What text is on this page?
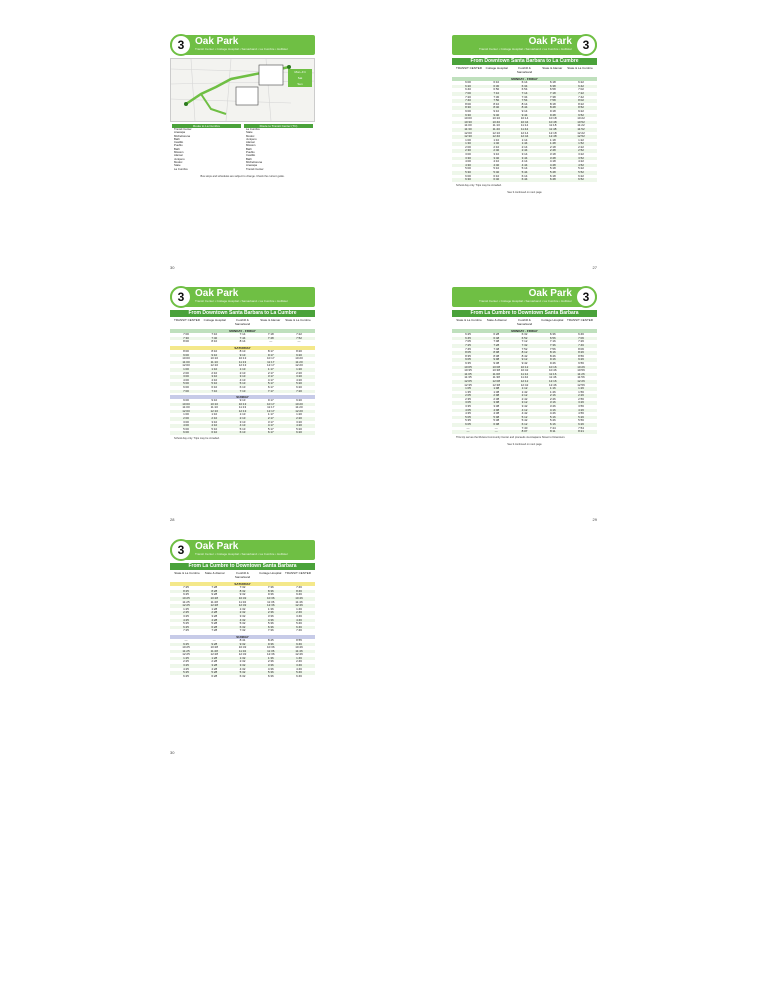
3	Oak Park
Transit Center • Cottage Hospital • Samarkand • La Cumbre • Hollister
Mon–Fri
Sat
Sun
Route to La Cumbre
Transit Center
Anacapa
Micheltorena
Bath
Castillo
Pueblo
Bath
Mission
Alamar
Junipero
Modoc
State
La Cumbre
Route to Transit Center (TC)
La Cumbre
State
Modoc
Junipero
Alamar
Mission
Bath
Pueblo
Castillo
Bath
Micheltorena
Anacapa
Transit Center
Bus stops and schedules are subject to change. Check the current guide.
30
3
Oak Park
Transit Center • Cottage Hospital • Samarkand • La Cumbre • Hollister
From Downtown Santa Barbara to La Cumbre
TRANSIT CENTER	Cottage Hospital	Foothill & Samarkand
State & Alamar	State & La Cumbre
MONDAY - FRIDAY
6:00	6:10	6:14	6:18	6:22
6:20	6:30	6:34	6:38	6:42
6:40	6:50	6:54	6:58	7:02
7:00	7:10	7:14	7:18	7:22
7:20	7:30	7:34	7:38	7:42
7:40	7:50	7:54	7:58	8:02
8:00	8:10	8:14	8:18	8:22
8:30	8:40	8:44	8:48	8:52
9:00	9:10	9:14	9:18	9:22
9:30	9:40	9:44	9:48	9:52
10:00	10:10	10:14	10:18	10:22
10:30	10:40	10:44	10:48	10:52
11:00	11:10	11:14	11:18	11:22
11:30	11:40	11:44	11:48	11:52
12:00	12:10	12:14	12:18	12:22
12:30	12:40	12:44	12:48	12:52
1:00	1:10	1:14	1:18	1:22
1:30	1:40	1:44	1:48	1:52
2:00	2:10	2:14	2:18	2:22
2:30	2:40	2:44	2:48	2:52
3:00	3:10	3:14	3:18	3:22
3:30	3:40	3:44	3:48	3:52
4:00	4:10	4:14	4:18	4:22
4:30	4:40	4:44	4:48	4:52
5:00	5:10	5:14	5:18	5:22
5:30	5:40	5:44	5:48	5:52
6:00	6:10	6:14	6:18	6:22
6:30	6:40	6:44	6:48	6:52
School day only. Trips may be crowded.
See 3 continued on next page
27
3	Oak Park
Transit Center • Cottage Hospital • Samarkand • La Cumbre • Hollister
From Downtown Santa Barbara to La Cumbre
TRANSIT CENTER	Cottage Hospital	Foothill & Samarkand
State & Alamar	State & La Cumbre
MONDAY - FRIDAY
7:00	7:10	7:14	7:18	7:22
7:30	7:40	7:44	7:48	7:52
8:00	8:10	8:14	—	—
SATURDAY
8:00	8:10	8:13	8:17	8:20
9:00	9:10	9:13	9:17	9:20
10:00	10:10	10:13	10:17	10:20
11:00	11:10	11:13	11:17	11:20
12:00	12:10	12:13	12:17	12:20
1:00	1:10	1:13	1:17	1:20
2:00	2:10	2:13	2:17	2:20
3:00	3:10	3:13	3:17	3:20
4:00	4:10	4:13	4:17	4:20
5:00	5:10	5:13	5:17	5:20
6:00	6:10	6:13	6:17	6:20
7:00	7:10	7:13	7:17	7:20
SUNDAY
9:00	9:10	9:13	9:17	9:20
10:00	10:10	10:13	10:17	10:20
11:00	11:10	11:13	11:17	11:20
12:00	12:10	12:13	12:17	12:20
1:00	1:10	1:13	1:17	1:20
2:00	2:10	2:13	2:17	2:20
3:00	3:10	3:13	3:17	3:20
4:00	4:10	4:13	4:17	4:20
5:00	5:10	5:13	5:17	5:20
6:00	6:10	6:13	6:17	6:20
School day only. Trips may be crowded.
28
3
Oak Park
Transit Center • Cottage Hospital • Samarkand • La Cumbre • Hollister
From La Cumbre to Downtown Santa Barbara
State & La Cumbre	State & Alamar	Foothill & Samarkand
Cottage Hospital	TRANSIT CENTER
MONDAY - FRIDAY
6:25	6:28	6:32	6:36	6:46
6:45	6:48	6:52	6:56	7:06
7:05	7:08	7:12	7:16	7:26
7:25	7:28	7:32	7:36	7:46
7:45	7:48	7:52	7:56	8:06
8:05	8:08	8:12	8:16	8:26
8:35	8:38	8:42	8:46	8:56
9:05	9:08	9:12	9:16	9:26
9:35	9:38	9:42	9:46	9:56
10:05	10:08	10:12	10:16	10:26
10:35	10:38	10:42	10:46	10:56
11:05	11:08	11:12	11:16	11:26
11:35	11:38	11:42	11:46	11:56
12:05	12:08	12:12	12:16	12:26
12:35	12:38	12:42	12:46	12:56
1:05	1:08	1:12	1:16	1:26
1:35	1:38	1:42	1:46	1:56
2:05	2:08	2:12	2:16	2:26
2:35	2:38	2:42	2:46	2:56
3:05	3:08	3:12	3:16	3:26
3:35	3:38	3:42	3:46	3:56
4:05	4:08	4:12	4:16	4:26
4:35	4:38	4:42	4:46	4:56
5:05	5:08	5:12	5:16	5:26
5:35	5:38	5:42	5:46	5:56
6:05	6:08	6:12	6:16	6:26
—	—	7:40	7:44	7:54
—	—	8:07	8:11	8:21
This trip serves the Riviera Community Center and proceeds via Anapamu Street to Downtown.
See 3 continued on next page
29
3	Oak Park
Transit Center • Cottage Hospital • Samarkand • La Cumbre • Hollister
From La Cumbre to Downtown Santa Barbara
State & La Cumbre	State & Alamar	Foothill & Samarkand
Cottage Hospital	TRANSIT CENTER
SATURDAY
7:25	7:28	7:32	7:36	7:46
8:25	8:28	8:32	8:36	8:46
9:25	9:28	9:32	9:36	9:46
10:25	10:28	10:32	10:36	10:46
11:25	11:28	11:32	11:36	11:46
12:25	12:28	12:32	12:36	12:46
1:25	1:28	1:32	1:36	1:46
2:25	2:28	2:32	2:36	2:46
3:25	3:28	3:32	3:36	3:46
4:25	4:28	4:32	4:36	4:46
5:25	5:28	5:32	5:36	5:46
6:25	6:28	6:32	6:36	6:46
7:25	7:28	7:32	7:36	7:46
SUNDAY
—	—	8:41	8:45	8:55
9:25	9:28	9:32	9:36	9:46
10:25	10:28	10:32	10:36	10:46
11:25	11:28	11:32	11:36	11:46
12:25	12:28	12:32	12:36	12:46
1:25	1:28	1:32	1:36	1:46
2:25	2:28	2:32	2:36	2:46
3:25	3:28	3:32	3:36	3:46
4:25	4:28	4:32	4:36	4:46
5:25	5:28	5:32	5:36	5:46
6:25	6:28	6:32	6:36	6:46
30
